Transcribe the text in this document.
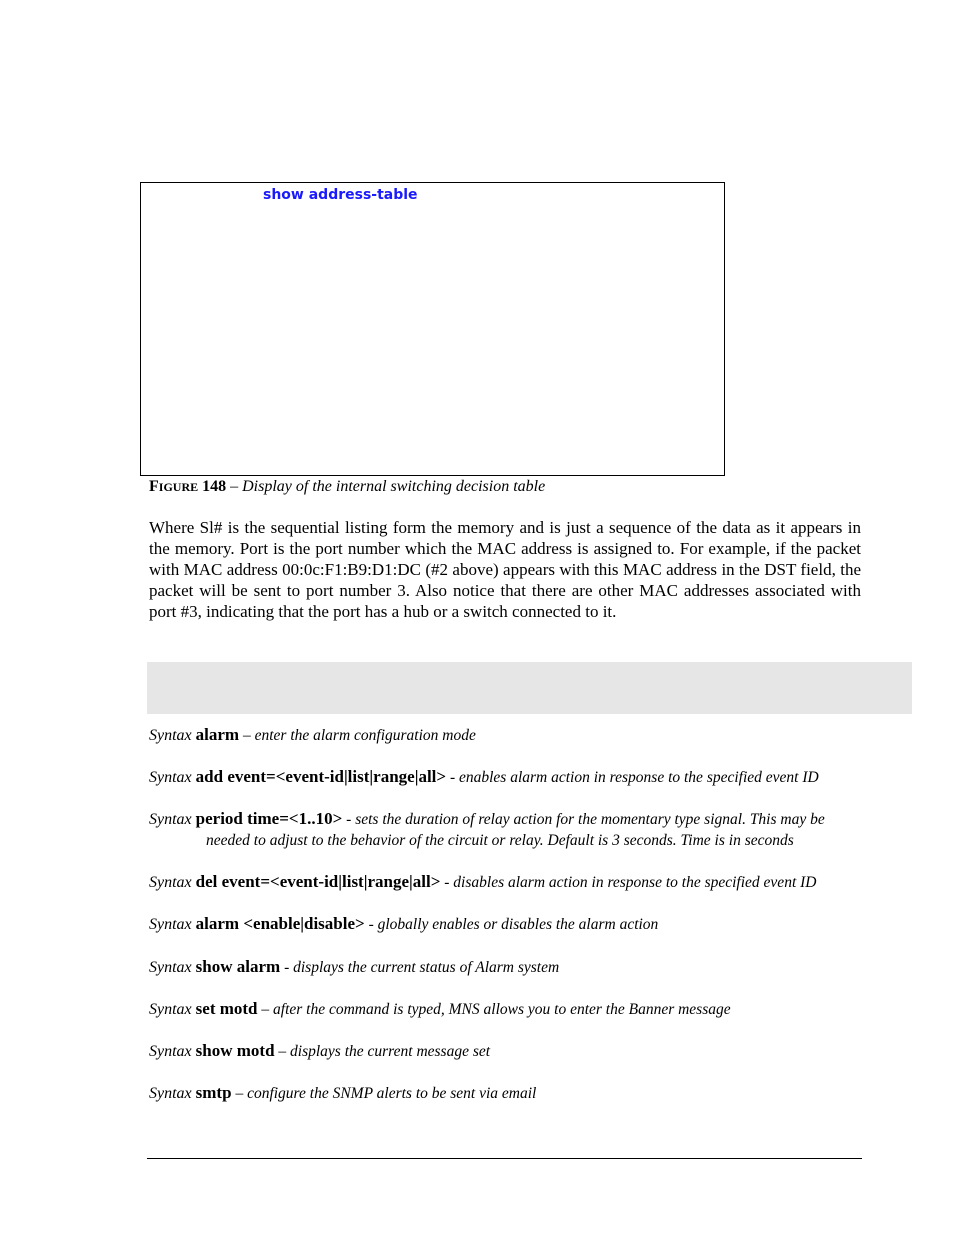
show address-table
FIGURE 148 – Display of the internal switching decision table

Where Sl# is the sequential listing form the memory and is just a sequence of the data as it appears in the memory. Port is the port number which the MAC address is assigned to. For example, if the packet with MAC address 00:0c:F1:B9:D1:DC (#2 above) appears with this MAC address in the DST field, the packet will be sent to port number 3. Also notice that there are other MAC addresses associated with port #3, indicating that the port has a hub or a switch connected to it.

Syntax alarm – enter the alarm configuration mode
Syntax add event=<event-id|list|range|all> - enables alarm action in response to the specified event ID
Syntax period time=<1..10> - sets the duration of relay action for the momentary type signal. This may be
needed to adjust to the behavior of the circuit or relay. Default is 3 seconds. Time is in seconds
Syntax del event=<event-id|list|range|all> - disables alarm action in response to the specified event ID
Syntax alarm <enable|disable> - globally enables or disables the alarm action
Syntax show alarm - displays the current status of Alarm system
Syntax set motd – after the command is typed, MNS allows you to enter the Banner message
Syntax show motd – displays the current message set
Syntax smtp – configure the SNMP alerts to be sent via email
